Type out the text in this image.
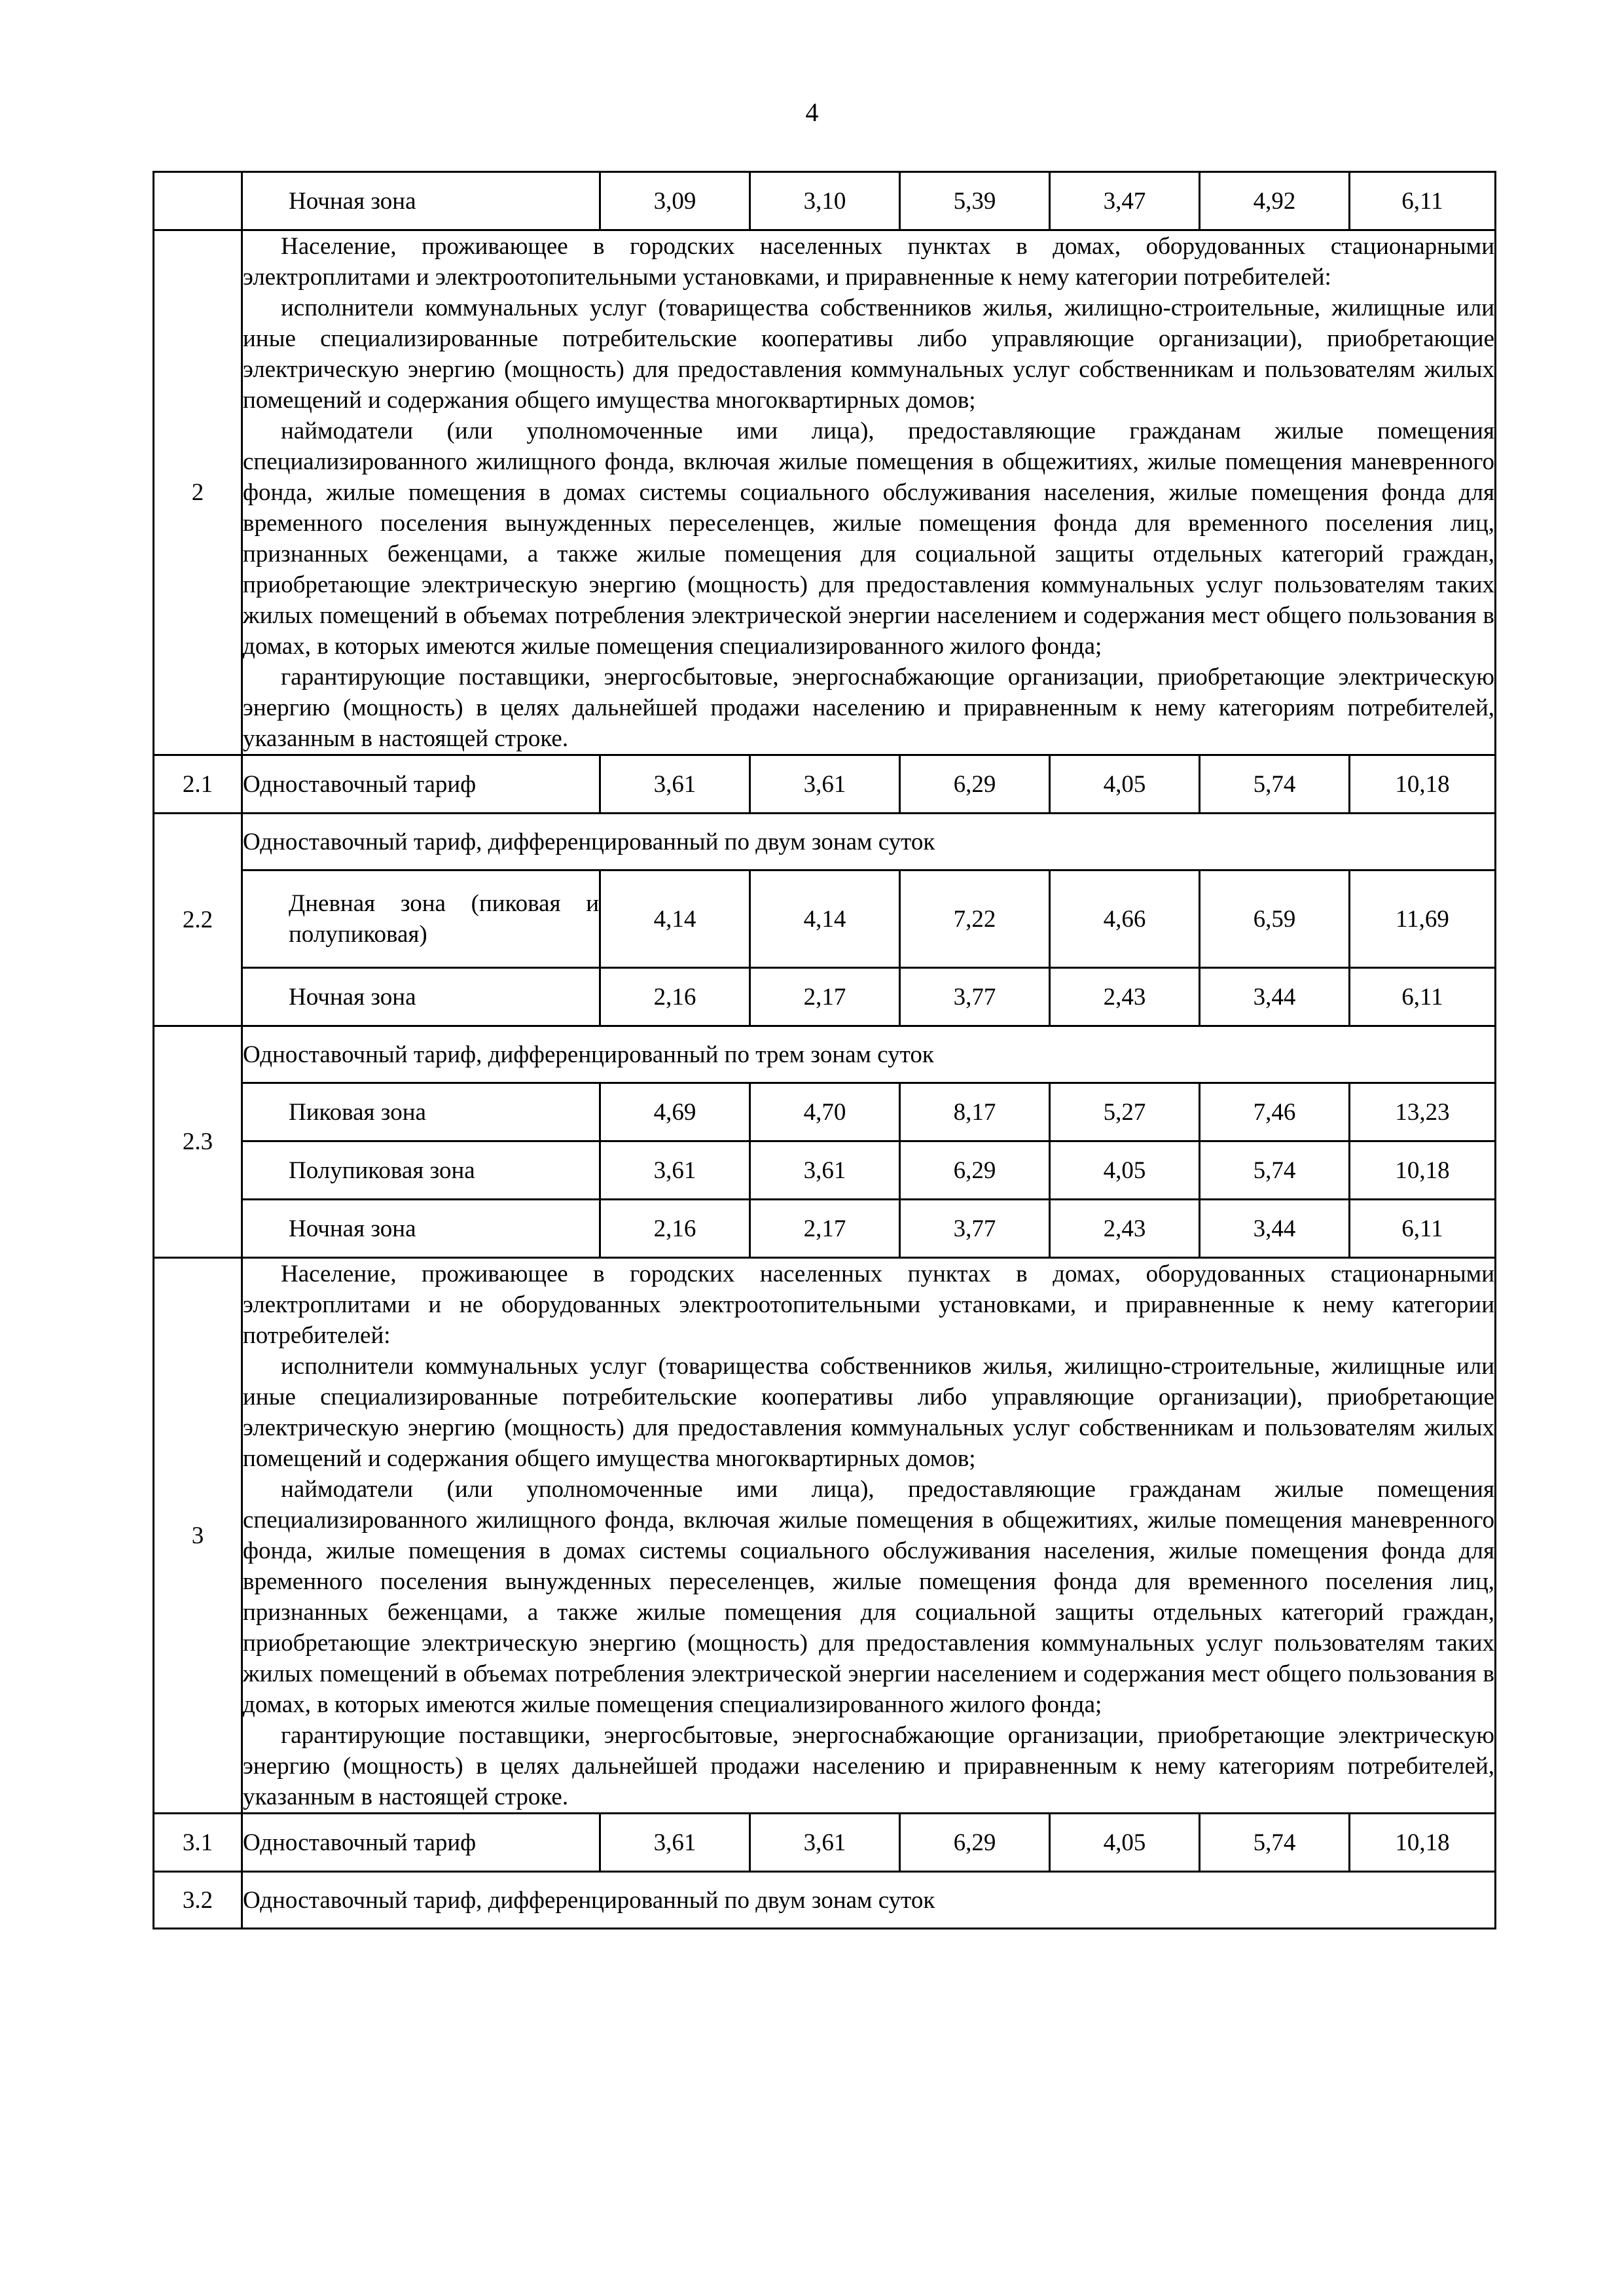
4
	Ночная зона	3,09	3,10	5,39	3,47	4,92	6,11
2	Население, проживающее в городских населенных пунктах в домах, оборудованных стационарными электроплитами и электроотопительными установками, и приравненные к нему категории потребителей:

исполнители коммунальных услуг (товарищества собственников жилья, жилищно-строительные, жилищные или иные специализированные потребительские кооперативы либо управляющие организации), приобретающие электрическую энергию (мощность) для предоставления коммунальных услуг собственникам и пользователям жилых помещений и содержания общего имущества многоквартирных домов;

наймодатели (или уполномоченные ими лица), предоставляющие гражданам жилые помещения специализированного жилищного фонда, включая жилые помещения в общежитиях, жилые помещения маневренного фонда, жилые помещения в домах системы социального обслуживания населения, жилые помещения фонда для временного поселения вынужденных переселенцев, жилые помещения фонда для временного поселения лиц, признанных беженцами, а также жилые помещения для социальной защиты отдельных категорий граждан, приобретающие электрическую энергию (мощность) для предоставления коммунальных услуг пользователям таких жилых помещений в объемах потребления электрической энергии населением и содержания мест общего пользования в домах, в которых имеются жилые помещения специализированного жилого фонда;

гарантирующие поставщики, энергосбытовые, энергоснабжающие организации, приобретающие электрическую энергию (мощность) в целях дальнейшей продажи населению и приравненным к нему категориям потребителей, указанным в настоящей строке.						

2.1	Одноставочный тариф	3,61	3,61	6,29	4,05	5,74	10,18
2.2	Одноставочный тариф, дифференцированный по двум зонам суток						
	Дневная зона (пиковая и полупиковая)	4,14	4,14	7,22	4,66	6,59	11,69
	Ночная зона	2,16	2,17	3,77	2,43	3,44	6,11
2.3	Одноставочный тариф, дифференцированный по трем зонам суток						
	Пиковая зона	4,69	4,70	8,17	5,27	7,46	13,23
	Полупиковая зона	3,61	3,61	6,29	4,05	5,74	10,18
	Ночная зона	2,16	2,17	3,77	2,43	3,44	6,11
3	Население, проживающее в городских населенных пунктах в домах, оборудованных стационарными электроплитами и не оборудованных электроотопительными установками, и приравненные к нему категории потребителей:

исполнители коммунальных услуг (товарищества собственников жилья, жилищно-строительные, жилищные или иные специализированные потребительские кооперативы либо управляющие организации), приобретающие электрическую энергию (мощность) для предоставления коммунальных услуг собственникам и пользователям жилых помещений и содержания общего имущества многоквартирных домов;

наймодатели (или уполномоченные ими лица), предоставляющие гражданам жилые помещения специализированного жилищного фонда, включая жилые помещения в общежитиях, жилые помещения маневренного фонда, жилые помещения в домах системы социального обслуживания населения, жилые помещения фонда для временного поселения вынужденных переселенцев, жилые помещения фонда для временного поселения лиц, признанных беженцами, а также жилые помещения для социальной защиты отдельных категорий граждан, приобретающие электрическую энергию (мощность) для предоставления коммунальных услуг пользователям таких жилых помещений в объемах потребления электрической энергии населением и содержания мест общего пользования в домах, в которых имеются жилые помещения специализированного жилого фонда;

гарантирующие поставщики, энергосбытовые, энергоснабжающие организации, приобретающие электрическую энергию (мощность) в целях дальнейшей продажи населению и приравненным к нему категориям потребителей, указанным в настоящей строке.						

3.1	Одноставочный тариф	3,61	3,61	6,29	4,05	5,74	10,18
3.2	Одноставочный тариф, дифференцированный по двум зонам суток						
